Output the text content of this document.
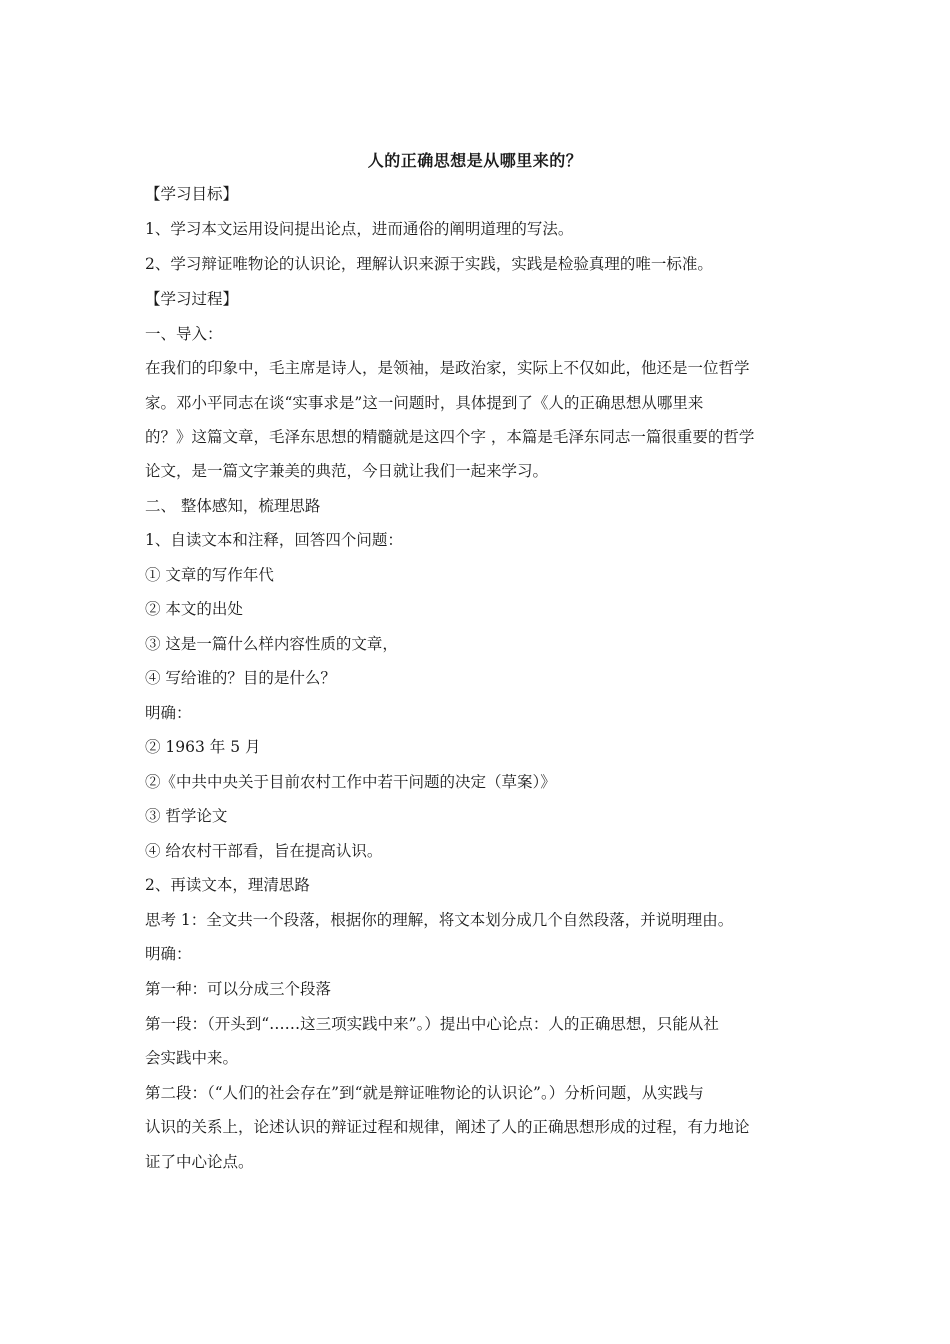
人的正确思想是从哪里来的？
【学习目标】
1、学习本文运用设问提出论点，进而通俗的阐明道理的写法。
2、学习辩证唯物论的认识论，理解认识来源于实践，实践是检验真理的唯一标准。
【学习过程】
一、导入：
在我们的印象中，毛主席是诗人，是领袖，是政治家，实际上不仅如此，他还是一位哲学
家。邓小平同志在谈“实事求是”这一问题时，具体提到了《人的正确思想从哪里来
的？》这篇文章，毛泽东思想的精髓就是这四个字 ，本篇是毛泽东同志一篇很重要的哲学
论文，是一篇文字兼美的典范，今日就让我们一起来学习。
二、 整体感知，梳理思路
1、自读文本和注释，回答四个问题：
① 文章的写作年代
② 本文的出处
③ 这是一篇什么样内容性质的文章，
④ 写给谁的？目的是什么？
明确：
② 1963 年 5 月
②《中共中央关于目前农村工作中若干问题的决定（草案）》
③ 哲学论文
④ 给农村干部看，旨在提高认识。
2、再读文本，理清思路
思考 1：全文共一个段落，根据你的理解，将文本划分成几个自然段落，并说明理由。
明确：
第一种：可以分成三个段落
第一段：（开头到“……这三项实践中来”。）提出中心论点：人的正确思想，只能从社
会实践中来。
第二段：（“人们的社会存在”到“就是辩证唯物论的认识论”。）分析问题，从实践与
认识的关系上，论述认识的辩证过程和规律，阐述了人的正确思想形成的过程，有力地论
证了中心论点。
